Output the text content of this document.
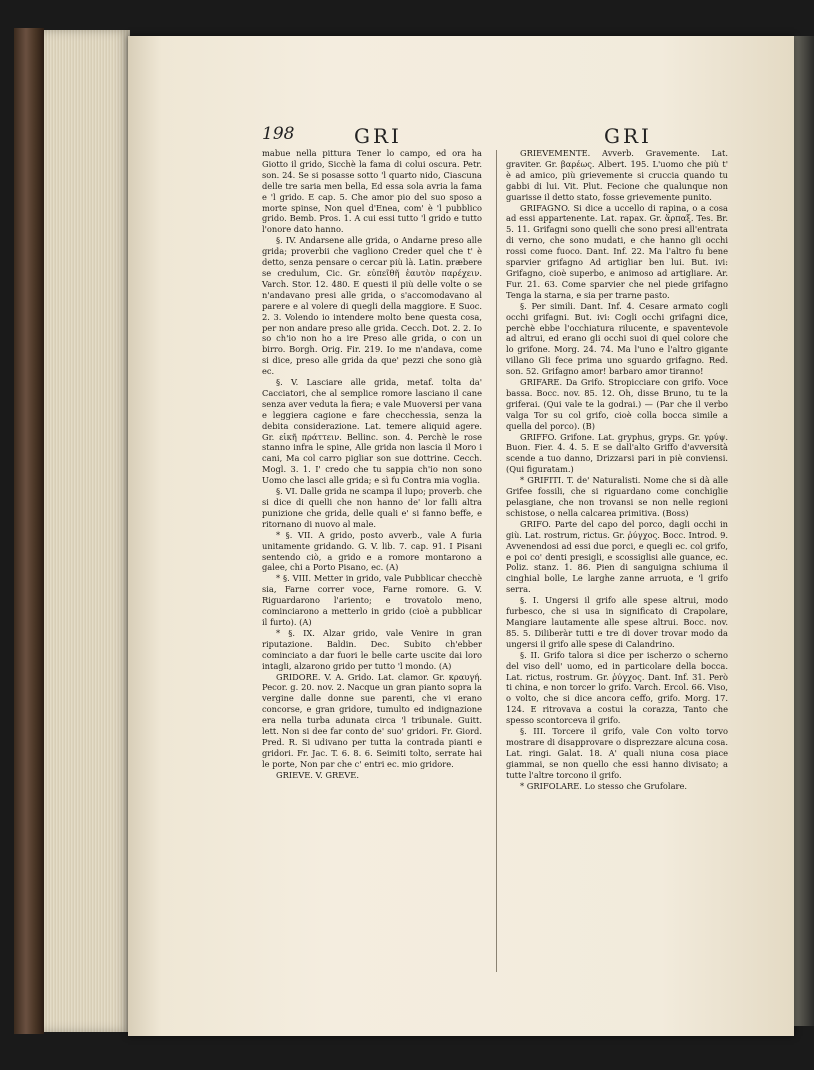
198	GRI	GRI

mabue nella pittura Tener lo campo, ed ora ha Giotto il grido, Sicchè la fama di colui oscura. Petr. son. 24. Se si posasse sotto 'l quarto nido, Ciascuna delle tre saria men bella, Ed essa sola avria la fama e 'l grido. E cap. 5. Che amor pio del suo sposo a morte spinse, Non quel d'Enea, com' è 'l pubblico grido. Bemb. Pros. 1. A cui essi tutto 'l grido e tutto l'onore dato hanno.

§. IV. Andarsene alle grida, o Andarne preso alle grida; proverbii che vagliono Creder quel che t' è detto, senza pensare o cercar più là. Latin. præbere se credulum, Cic. Gr. εὐπεῖθῆ ἑαυτὸν παρέχειν. Varch. Stor. 12. 480. E questi il più delle volte o se n'andavano presi alle grida, o s'accomodavano al parere e al volere di quegli della maggiore. E Suoc. 2. 3. Volendo io intendere molto bene questa cosa, per non andare preso alle grida. Cecch. Dot. 2. 2. Io so ch'io non ho a ire Preso alle grida, o con un birro. Borgh. Orig. Fir. 219. Io me n'andava, come si dice, preso alle grida da que' pezzi che sono già ec.

§. V. Lasciare alle grida, metaf. tolta da' Cacciatori, che al semplice romore lasciano il cane senza aver veduta la fiera; e vale Muoversi per vana e leggiera cagione e fare checchessia, senza la debita considerazione. Lat. temere aliquid agere. Gr. εἰκῆ πράττειν. Bellinc. son. 4. Perchè le rose stanno infra le spine, Alle grida non lascia il Moro i cani, Ma col carro pigliar son sue dottrine. Cecch. Mogl. 3. 1. I' credo che tu sappia ch'io non sono Uomo che lasci alle grida; e sì fu Contra mia voglia.

§. VI. Dalle grida ne scampa il lupo; proverb. che si dice di quelli che non hanno de' lor falli altra punizione che grida, delle quali e' si fanno beffe, e ritornano di nuovo al male.

* §. VII. A grido, posto avverb., vale A furia unitamente gridando. G. V. lib. 7. cap. 91. I Pisani sentendo ciò, a grido e a romore montarono a galee, chi a Porto Pisano, ec. (A)

* §. VIII. Metter in grido, vale Pubblicar checchè sia, Farne correr voce, Farne romore. G. V. Riguardarono l'ariento; e trovatolo meno, cominciarono a metterlo in grido (cioè a pubblicar il furto). (A)

* §. IX. Alzar grido, vale Venire in gran riputazione. Baldin. Dec. Subito ch'ebber cominciato a dar fuori le belle carte uscite dai loro intagli, alzarono grido per tutto 'l mondo. (A)

GRIDORE. V. A. Grido. Lat. clamor. Gr. κραυγή. Pecor. g. 20. nov. 2. Nacque un gran pianto sopra la vergine dalle donne sue parenti, che vi erano concorse, e gran gridore, tumulto ed indignazione era nella turba adunata circa 'l tribunale. Guitt. lett. Non si dee far conto de' suo' gridori. Fr. Giord. Pred. R. Si udivano per tutta la contrada pianti e gridori. Fr. Jac. T. 6. 8. 6. Seimiti tolto, serrate hai le porte, Non par che c' entri ec. mio gridore.

GRIEVE. V. GREVE.

GRIEVEMENTE. Avverb. Gravemente. Lat. graviter. Gr. βαρέως. Albert. 195. L'uomo che più t' è ad amico, più grievemente si cruccia quando tu gabbi di lui. Vit. Plut. Fecione che qualunque non guarisse il detto stato, fosse grievemente punito.

GRIFAGNO. Si dice a uccello di rapina, o a cosa ad essi appartenente. Lat. rapax. Gr. ἅρπαξ. Tes. Br. 5. 11. Grifagni sono quelli che sono presi all'entrata di verno, che sono mudati, e che hanno gli occhi rossi come fuoco. Dant. Inf. 22. Ma l'altro fu bene sparvier grifagno Ad artigliar ben lui. But. ivi: Grifagno, cioè superbo, e animoso ad artigliare. Ar. Fur. 21. 63. Come sparvier che nel piede grifagno Tenga la starna, e sia per trarne pasto.

§. Per simili. Dant. Inf. 4. Cesare armato cogli occhi grifagni. But. ivi: Cogli occhi grifagni dice, perchè ebbe l'occhiatura rilucente, e spaventevole ad altrui, ed erano gli occhi suoi di quel colore che lo grifone. Morg. 24. 74. Ma l'uno e l'altro gigante villano Gli fece prima uno sguardo grifagno. Red. son. 52. Grifagno amor! barbaro amor tiranno!

GRIFARE. Da Grifo. Stropicciare con grifo. Voce bassa. Bocc. nov. 85. 12. Oh, disse Bruno, tu te la griferai. (Qui vale te la godrai.) — (Par che il verbo valga Tor su col grifo, cioè colla bocca simile a quella del porco). (B)

GRIFFO. Grifone. Lat. gryphus, gryps. Gr. γρύψ. Buon. Fier. 4. 4. 5. E se dall'alto Griffo d'avversità scende a tuo danno, Drizzarsi pari in piè conviensi. (Qui figuratam.)

* GRIFITI. T. de' Naturalisti. Nome che si dà alle Grifee fossili, che si riguardano come conchiglie pelasgiane, che non trovansi se non nelle regioni schistose, o nella calcarea primitiva. (Boss)

GRIFO. Parte del capo del porco, dagli occhi in giù. Lat. rostrum, rictus. Gr. ῥύγχος. Bocc. Introd. 9. Avvenendosi ad essi due porci, e quegli ec. col grifo, e poi co' denti presigli, e scossiglisi alle guance, ec. Poliz. stanz. 1. 86. Pien di sanguigna schiuma il cinghial bolle, Le larghe zanne arruota, e 'l grifo serra.

§. I. Ungersi il grifo alle spese altrui, modo furbesco, che si usa in significato di Crapolare, Mangiare lautamente alle spese altrui. Bocc. nov. 85. 5. Diliberàr tutti e tre di dover trovar modo da ungersi il grifo alle spese di Calandrino.

§. II. Grifo talora si dice per ischerzo o scherno del viso dell' uomo, ed in particolare della bocca. Lat. rictus, rostrum. Gr. ῥύγχος. Dant. Inf. 31. Però ti china, e non torcer lo grifo. Varch. Ercol. 66. Viso, o volto, che si dice ancora ceffo, grifo. Morg. 17. 124. E ritrovava a costui la corazza, Tanto che spesso scontorceva il grifo.

§. III. Torcere il grifo, vale Con volto torvo mostrare di disapprovare o disprezzare alcuna cosa. Lat. ringi. Galat. 18. A' quali niuna cosa piace giammai, se non quello che essi hanno divisato; a tutte l'altre torcono il grifo.

* GRIFOLARE. Lo stesso che Grufolare.
